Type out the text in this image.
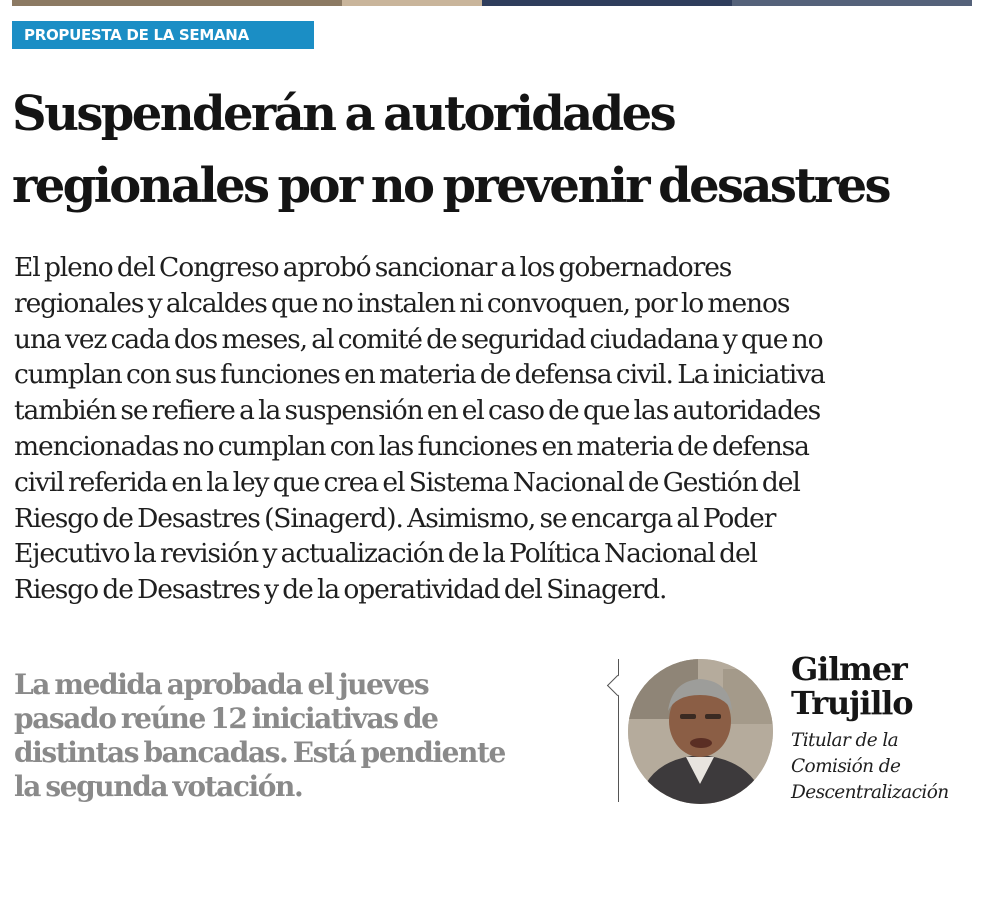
PROPUESTA DE LA SEMANA
Suspenderán a autoridades
regionales por no prevenir desastres

El pleno del Congreso aprobó sancionar a los gobernadores
regionales y alcaldes que no instalen ni convoquen, por lo menos
una vez cada dos meses, al comité de seguridad ciudadana y que no
cumplan con sus funciones en materia de defensa civil. La iniciativa
también se refiere a la suspensión en el caso de que las autoridades
mencionadas no cumplan con las funciones en materia de defensa
civil referida en la ley que crea el Sistema Nacional de Gestión del
Riesgo de Desastres (Sinagerd). Asimismo, se encarga al Poder
Ejecutivo la revisión y actualización de la Política Nacional del
Riesgo de Desastres y de la operatividad del Sinagerd.

La medida aprobada el jueves
pasado reúne 12 iniciativas de
distintas bancadas. Está pendiente
la segunda votación.

Gilmer
Trujillo

Titular de la
Comisión de
Descentralización
